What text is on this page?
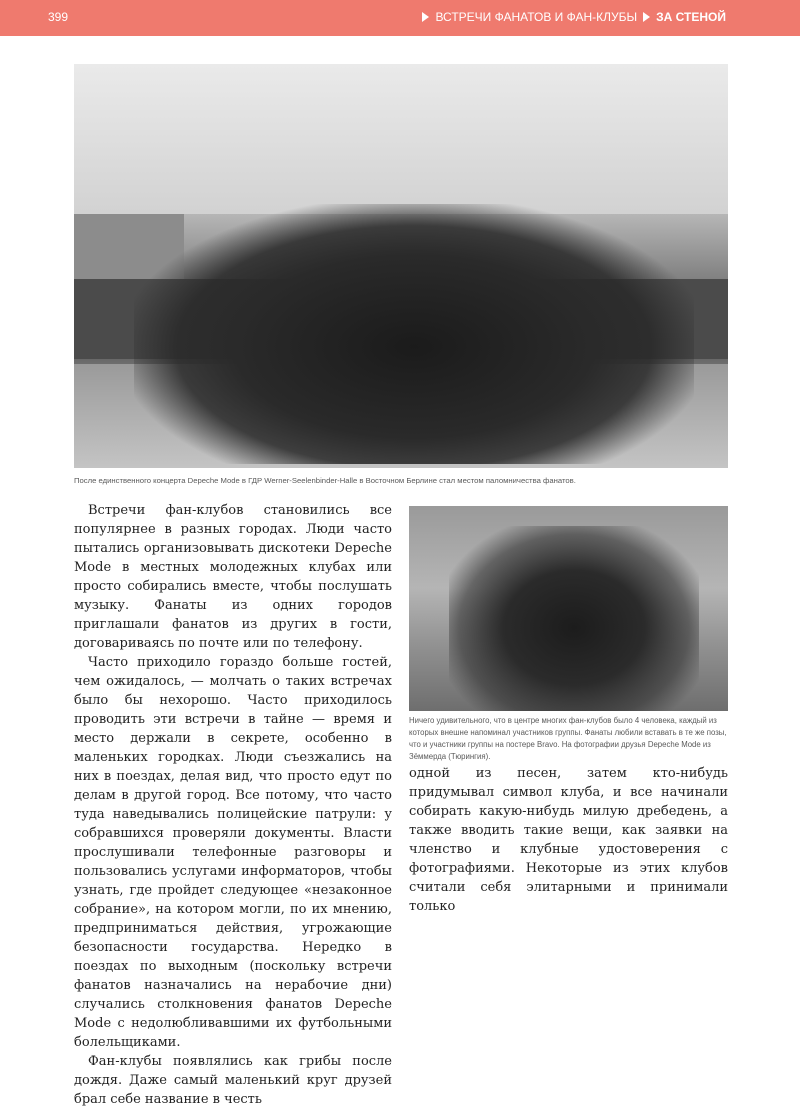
399	ВСТРЕЧИ ФАНАТОВ И ФАН-КЛУБЫ ЗА СТЕНОЙ
После единственного концерта Depeche Mode в ГДР Werner-Seelenbinder-Halle в Восточном Берлине стал местом паломничества фанатов.

Встречи фан-клубов становились все популярнее в разных городах. Люди часто пытались организовывать дискотеки Depeche Mode в местных молодежных клубах или просто собирались вместе, чтобы послушать музыку. Фанаты из одних городов приглашали фанатов из других в гости, договариваясь по почте или по телефону.

Часто приходило гораздо больше гостей, чем ожидалось, — молчать о таких встречах было бы нехорошо. Часто приходилось проводить эти встречи в тайне — время и место держали в секрете, особенно в маленьких городках. Люди съезжались на них в поездах, делая вид, что просто едут по делам в другой город. Все потому, что часто туда наведывались полицейские патрули: у собравшихся проверяли документы. Власти прослушивали телефонные разговоры и пользовались услугами информаторов, чтобы узнать, где пройдет следующее «незаконное собрание», на котором могли, по их мнению, предприниматься действия, угрожающие безопасности государства. Нередко в поездах по выходным (поскольку встречи фанатов назначались на нерабочие дни) случались столкновения фанатов Depeche Mode с недолюбливавшими их футбольными болельщиками.

Фан-клубы появлялись как грибы после дождя. Даже самый маленький круг друзей брал себе название в честь

Ничего удивительного, что в центре многих фан-клубов было 4 человека, каждый из которых внешне напоминал участников группы. Фанаты любили вставать в те же позы, что и участники группы на постере Bravo. На фотографии друзья Depeche Mode из Зёммерда (Тюрингия).

одной из песен, затем кто-нибудь придумывал символ клуба, и все начинали собирать какую-нибудь милую дребедень, а также вводить такие вещи, как заявки на членство и клубные удостоверения с фотографиями. Некоторые из этих клубов считали себя элитарными и принимали только
